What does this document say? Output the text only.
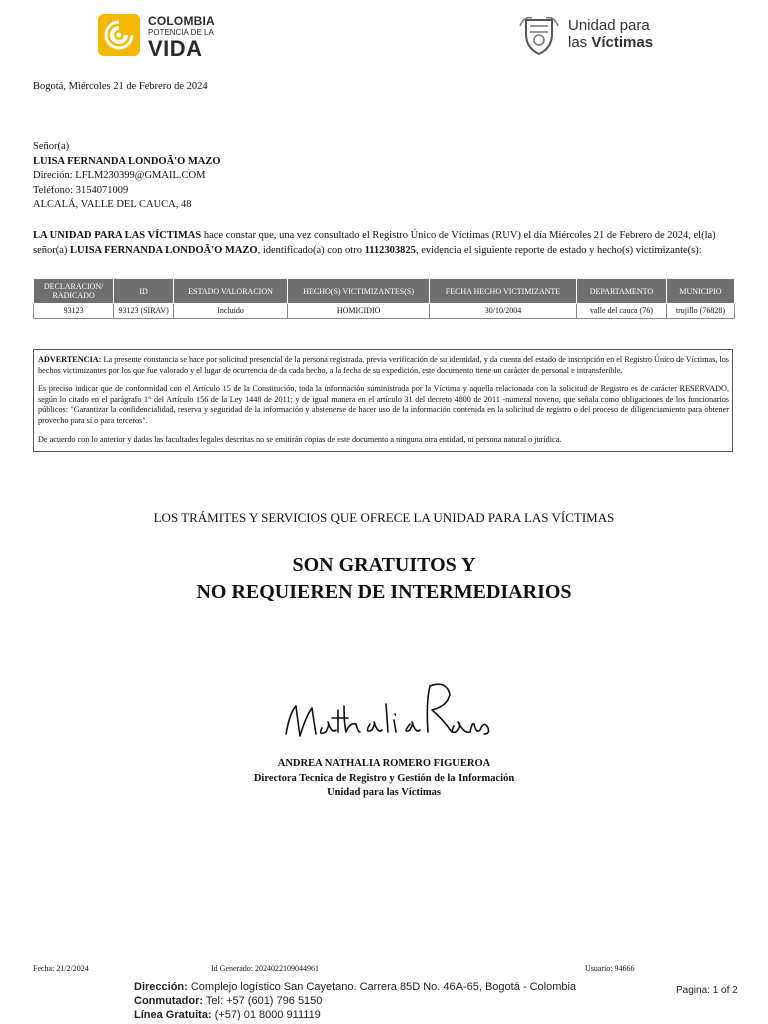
COLOMBIA
POTENCIA DE LA
VIDA
Unidad para
las Víctimas
Bogotá, Miércoles 21 de Febrero de 2024
Señor(a)
LUISA FERNANDA LONDOÃ'O MAZO
Direción: LFLM230399@GMAIL.COM
Teléfono: 3154071009
ALCALÁ, VALLE DEL CAUCA, 48
LA UNIDAD PARA LAS VÍCTIMAS hace constar que, una vez consultado el Registro Único de Víctimas (RUV) el día Miércoles 21 de Febrero de 2024, el(la) señor(a) LUISA FERNANDA LONDOÃ'O MAZO, identificado(a) con otro 1112303825, evidencia el siguiente reporte de estado y hecho(s) victimizante(s):
DECLARACION/ RADICADO	ID	ESTADO VALORACION	HECHO(S) VICTIMIZANTES(S)	FECHA HECHO VICTIMIZANTE	DEPARTAMENTO	MUNICIPIO
93123	93123 (SIRAV)	Incluido	HOMICIDIO	30/10/2004	valle del cauca (76)	trujillo (76828)

ADVERTENCIA: La presente constancia se hace por solicitud presencial de la persona registrada, previa verificación de su identidad, y da cuenta del estado de inscripción en el Registro Único de Víctimas, los hechos victimizantes por los que fue valorado y el lugar de ocurrencia de da cada hecho, a la fecha de su expedición, este documento tiene un carácter de personal e intransferible.

Es preciso indicar que de conformidad con el Artículo 15 de la Constitución, toda la información suministrada por la Víctima y aquella relacionada con la solicitud de Registro es de carácter RESERVADO, según lo citado en el parágrafo 1° del Artículo 156 de la Ley 1448 de 2011; y de igual manera en el artículo 31 del decreto 4800 de 2011 -numeral noveno, que señala como obligaciones de los funcionarios públicos: "Garantizar la confidencialidad, reserva y seguridad de la información y abstenerse de hacer uso de la información contenida en la solicitud de registro o del proceso de diligenciamiento para obtener provecho para sí o para terceros".

De acuerdo con lo anterior y dadas las facultades legales descritas no se emitirán copias de este documento a ninguna otra entidad, ni persona natural o jurídica.

LOS TRÁMITES Y SERVICIOS QUE OFRECE LA UNIDAD PARA LAS VÍCTIMAS
SON GRATUITOS Y
NO REQUIEREN DE INTERMEDIARIOS
ANDREA NATHALIA ROMERO FIGUEROA
Directora Tecnica de Registro y Gestión de la Información
Unidad para las Víctimas
Fecha: 21/2/2024	Id Generado: 20240221090449​61	Usuario: 94666
Dirección: Complejo logístico San Cayetano. Carrera 85D No. 46A-65, Bogotá - Colombia
Conmutador: Tel: +57 (601) 796 5150
Línea Gratuita: (+57) 01 8000 911119
Pagina: 1 of 2
